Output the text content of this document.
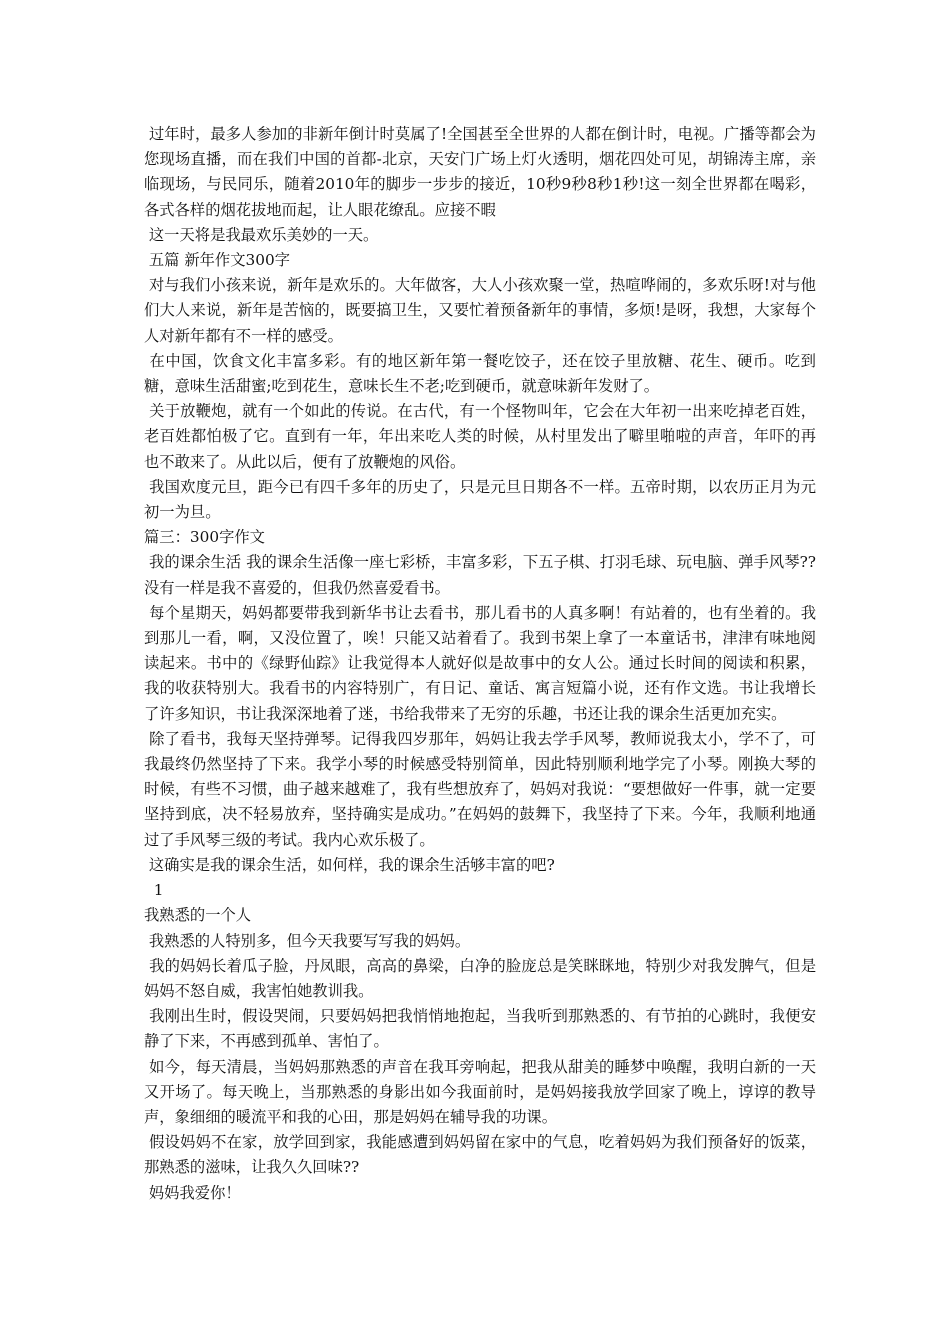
过年时，最多人参加的非新年倒计时莫属了!全国甚至全世界的人都在倒计时，电视。广播等都会为您现场直播，而在我们中国的首都-北京，天安门广场上灯火透明，烟花四处可见，胡锦涛主席，亲临现场，与民同乐，随着2010年的脚步一步步的接近，10秒9秒8秒1秒!这一刻全世界都在喝彩，各式各样的烟花拔地而起，让人眼花缭乱。应接不暇

这一天将是我最欢乐美妙的一天。

五篇 新年作文300字

对与我们小孩来说，新年是欢乐的。大年做客，大人小孩欢聚一堂，热喧哗闹的，多欢乐呀!对与他们大人来说，新年是苦恼的，既要搞卫生，又要忙着预备新年的事情，多烦!是呀，我想，大家每个人对新年都有不一样的感受。

在中国，饮食文化丰富多彩。有的地区新年第一餐吃饺子，还在饺子里放糖、花生、硬币。吃到糖，意味生活甜蜜;吃到花生，意味长生不老;吃到硬币，就意味新年发财了。

关于放鞭炮，就有一个如此的传说。在古代，有一个怪物叫年，它会在大年初一出来吃掉老百姓，老百姓都怕极了它。直到有一年，年出来吃人类的时候，从村里发出了噼里啪啦的声音，年吓的再也不敢来了。从此以后，便有了放鞭炮的风俗。

我国欢度元旦，距今已有四千多年的历史了，只是元旦日期各不一样。五帝时期，以农历正月为元初一为旦。

篇三：300字作文

我的课余生活 我的课余生活像一座七彩桥，丰富多彩，下五子棋、打羽毛球、玩电脑、弹手风琴??没有一样是我不喜爱的，但我仍然喜爱看书。

每个星期天，妈妈都要带我到新华书让去看书，那儿看书的人真多啊！有站着的，也有坐着的。我到那儿一看，啊，又没位置了，唉！只能又站着看了。我到书架上拿了一本童话书，津津有味地阅读起来。书中的《绿野仙踪》让我觉得本人就好似是故事中的女人公。通过长时间的阅读和积累，我的收获特别大。我看书的内容特别广，有日记、童话、寓言短篇小说，还有作文选。书让我增长了许多知识，书让我深深地着了迷，书给我带来了无穷的乐趣，书还让我的课余生活更加充实。

除了看书，我每天坚持弹琴。记得我四岁那年，妈妈让我去学手风琴，教师说我太小，学不了，可我最终仍然坚持了下来。我学小琴的时候感受特别简单，因此特别顺利地学完了小琴。刚换大琴的时候，有些不习惯，曲子越来越难了，我有些想放弃了，妈妈对我说：“要想做好一件事，就一定要坚持到底，决不轻易放弃，坚持确实是成功。”在妈妈的鼓舞下，我坚持了下来。今年，我顺利地通过了手风琴三级的考试。我内心欢乐极了。

这确实是我的课余生活，如何样，我的课余生活够丰富的吧?

1

我熟悉的一个人

我熟悉的人特别多，但今天我要写写我的妈妈。

我的妈妈长着瓜子脸，丹凤眼，高高的鼻梁，白净的脸庞总是笑眯眯地，特别少对我发脾气，但是妈妈不怒自威，我害怕她教训我。

我刚出生时，假设哭闹，只要妈妈把我悄悄地抱起，当我听到那熟悉的、有节拍的心跳时，我便安静了下来，不再感到孤单、害怕了。

如今，每天清晨，当妈妈那熟悉的声音在我耳旁响起，把我从甜美的睡梦中唤醒，我明白新的一天又开场了。每天晚上，当那熟悉的身影出如今我面前时，是妈妈接我放学回家了晚上，谆谆的教导声，象细细的暖流平和我的心田，那是妈妈在辅导我的功课。

假设妈妈不在家，放学回到家，我能感遭到妈妈留在家中的气息，吃着妈妈为我们预备好的饭菜，那熟悉的滋味，让我久久回味??

妈妈我爱你！
